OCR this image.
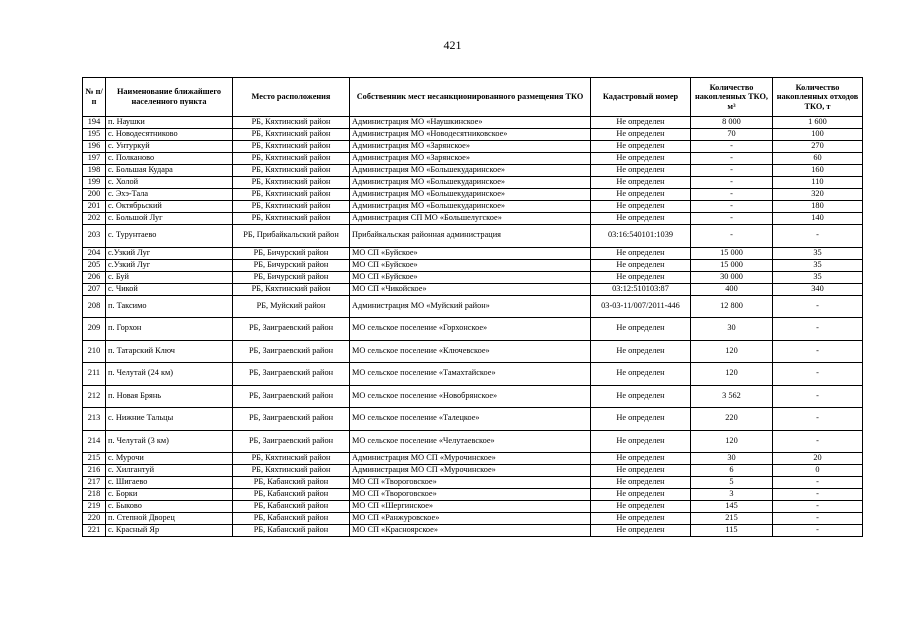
421
№ п/п	Наименование ближайшего населенного пункта	Место расположения	Собственник мест несанкционированного размещения ТКО	Кадастровый номер	Количество накопленных ТКО, м³	Количество накопленных отходов ТКО, т
194	п. Наушки	РБ, Кяхтинский район	Администрация МО «Наушкинское»	Не определен	8 000	1 600
195	с. Новодесятниково	РБ, Кяхтинский район	Администрация МО «Новодесятниковское»	Не определен	70	100
196	с. Унтуркуй	РБ, Кяхтинский район	Администрация МО «Зарянское»	Не определен	-	270
197	с. Полканово	РБ, Кяхтинский район	Администрация МО «Зарянское»	Не определен	-	60
198	с. Большая Кудара	РБ, Кяхтинский район	Администрация МО «Большекударинское»	Не определен	-	160
199	с. Холой	РБ, Кяхтинский район	Администрация МО «Большекударинское»	Не определен	-	110
200	с. Эхэ-Тала	РБ, Кяхтинский район	Администрация МО «Большекударинское»	Не определен	-	320
201	с. Октябрьский	РБ, Кяхтинский район	Администрация МО «Большекударинское»	Не определен	-	180
202	с. Большой Луг	РБ, Кяхтинский район	Администрация СП МО «Большелугское»	Не определен	-	140
203	с. Турунтаево	РБ, Прибайкальский район	Прибайкальская районная администрация	03:16:540101:1039	-	-
204	с.Узкий Луг	РБ, Бичурский район	МО СП «Буйское»	Не определен	15 000	35
205	с.Узкий Луг	РБ, Бичурский район	МО СП «Буйское»	Не определен	15 000	35
206	с. Буй	РБ, Бичурский район	МО СП «Буйское»	Не определен	30 000	35
207	с. Чикой	РБ, Кяхтинский район	МО СП «Чикойское»	03:12:510103:87	400	340
208	п. Таксимо	РБ, Муйский район	Администрация МО «Муйский район»	03-03-11/007/2011-446	12 800	-
209	п. Горхон	РБ, Заиграевский район	МО сельское поселение «Горхонское»	Не определен	30	-
210	п. Татарский Ключ	РБ, Заиграевский район	МО сельское поселение «Ключевское»	Не определен	120	-
211	п. Челутай (24 км)	РБ, Заиграевский район	МО сельское поселение «Тамахтайское»	Не определен	120	-
212	п. Новая Брянь	РБ, Заиграевский район	МО сельское поселение «Новобрянское»	Не определен	3 562	-
213	с. Нижние Тальцы	РБ, Заиграевский район	МО сельское поселение «Талецкое»	Не определен	220	-
214	п. Челутай (3 км)	РБ, Заиграевский район	МО сельское поселение «Челутаевское»	Не определен	120	-
215	с. Мурочи	РБ, Кяхтинский район	Администрация МО СП «Мурочинское»	Не определен	30	20
216	с. Хилгантуй	РБ, Кяхтинский район	Администрация МО СП «Мурочинское»	Не определен	6	0
217	с. Шигаево	РБ, Кабанский район	МО СП «Твороговское»	Не определен	5	-
218	с. Борки	РБ, Кабанский район	МО СП «Твороговское»	Не определен	3	-
219	с. Быково	РБ, Кабанский район	МО СП «Шергинское»	Не определен	145	-
220	п. Степной Дворец	РБ, Кабанский район	МО СП «Ранжуровское»	Не определен	215	-
221	с. Красный Яр	РБ, Кабанский район	МО СП «Красноярское»	Не определен	115	-
